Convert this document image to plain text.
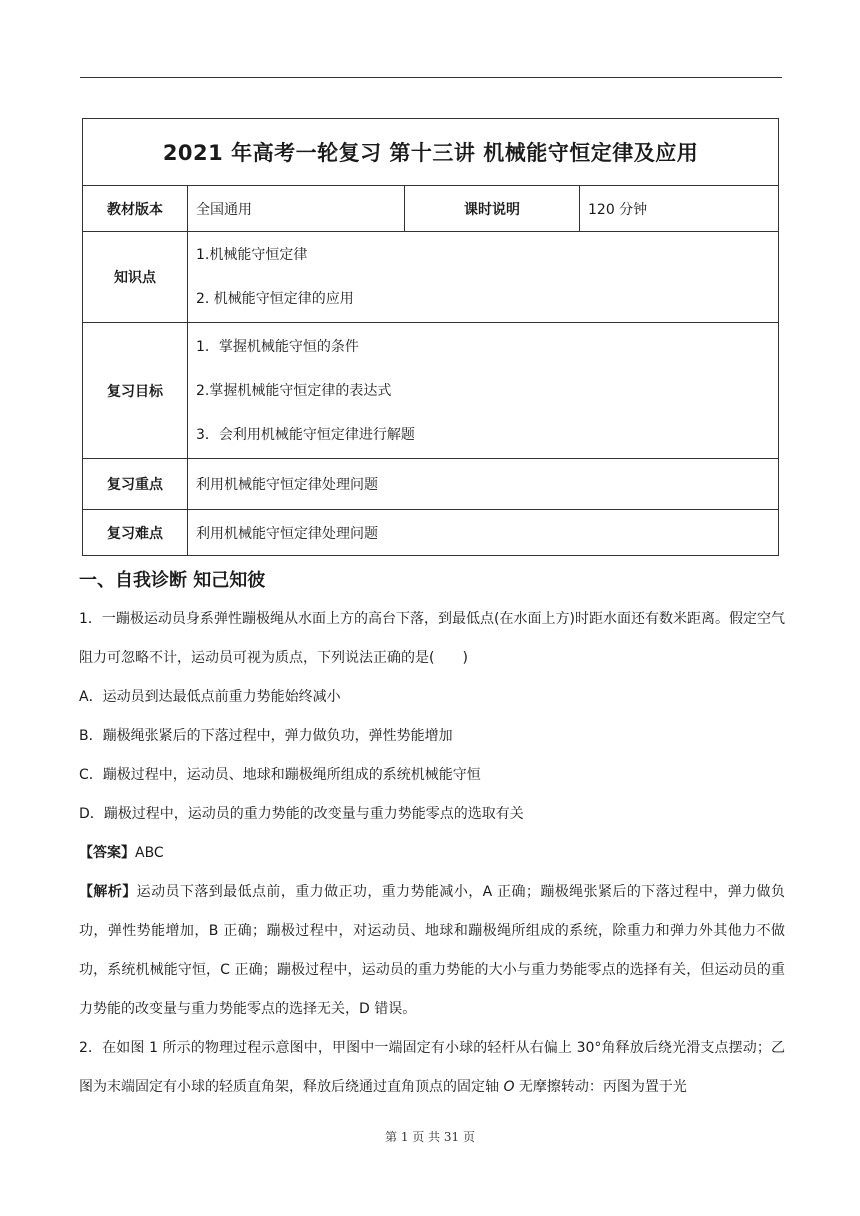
2021 年高考一轮复习 第十三讲 机械能守恒定律及应用			
教材版本	全国通用	课时说明	120 分钟
知识点	1.机械能守恒定律
2. 机械能守恒定律的应用		

复习目标	1．掌握机械能守恒的条件
2.掌握机械能守恒定律的表达式
3．会利用机械能守恒定律进行解题		

复习重点	利用机械能守恒定律处理问题		
复习难点	利用机械能守恒定律处理问题		
一、自我诊断 知己知彼
1．一蹦极运动员身系弹性蹦极绳从水面上方的高台下落，到最低点(在水面上方)时距水面还有数米距离。假定空气阻力可忽略不计，运动员可视为质点，下列说法正确的是(　　)
A．运动员到达最低点前重力势能始终减小
B．蹦极绳张紧后的下落过程中，弹力做负功，弹性势能增加
C．蹦极过程中，运动员、地球和蹦极绳所组成的系统机械能守恒
D．蹦极过程中，运动员的重力势能的改变量与重力势能零点的选取有关
【答案】ABC
【解析】运动员下落到最低点前，重力做正功，重力势能减小，A 正确；蹦极绳张紧后的下落过程中，弹力做负功，弹性势能增加，B 正确；蹦极过程中，对运动员、地球和蹦极绳所组成的系统，除重力和弹力外其他力不做功，系统机械能守恒，C 正确；蹦极过程中，运动员的重力势能的大小与重力势能零点的选择有关，但运动员的重力势能的改变量与重力势能零点的选择无关，D 错误。
2．在如图 1 所示的物理过程示意图中，甲图中一端固定有小球的轻杆从右偏上 30°角释放后绕光滑支点摆动；乙图为末端固定有小球的轻质直角架，释放后绕通过直角顶点的固定轴 O 无摩擦转动：丙图为置于光
第 1 页 共 31 页
